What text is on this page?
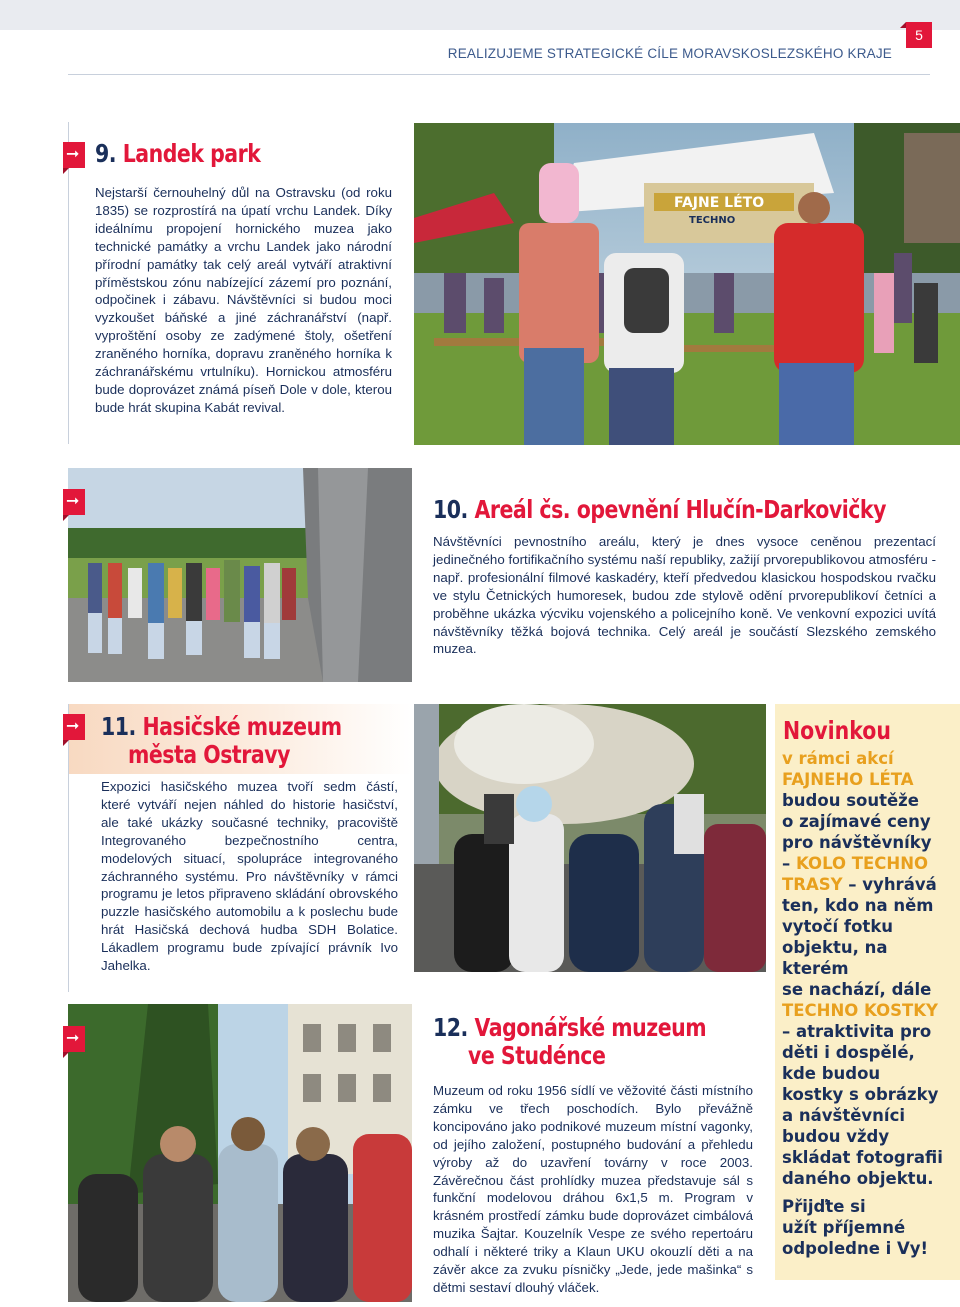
5
REALIZUJEME STRATEGICKÉ CÍLE MORAVSKOSLEZSKÉHO KRAJE
➞ 9. Landek park

Nejstarší černouhelný důl na Ostravsku (od roku 1835) se rozprostírá na úpatí vrchu Landek. Díky ideálnímu propojení hornického muzea jako technické památky a vrchu Landek jako národní přírodní památky tak celý areál vytváří atraktivní příměstskou zónu nabízející zázemí pro poznání, odpočinek i zábavu. Návštěvníci si budou moci vyzkoušet báňské a jiné záchranářství (např. vyproštění osoby ze zadýmené štoly, ošetření zraněného horníka, dopravu zraněného horníka k záchranářskému vrtulníku). Hornickou atmosféru bude doprovázet známá píseň Dole v dole, kterou bude hrát skupina Kabát revival.

FAJNE LÉTO
TECHNO
➞	10. Areál čs. opevnění Hlučín-Darkovičky

Návštěvníci pevnostního areálu, který je dnes vysoce ceněnou prezentací jedinečného fortifikačního systému naší republiky, zažijí prvorepublikovou atmosféru - např. profesionální filmové kaskadéry, kteří předvedou klasickou hospodskou rvačku ve stylu Četnických humoresek, budou zde stylově odění prvorepublikoví četníci a proběhne ukázka výcviku vojenského a policejního koně. Ve venkovní expozici uvítá návštěvníky těžká bojová technika. Celý areál je součástí Slezského zemského muzea.

➞ 11. Hasičské muzeum
města Ostravy

Expozici hasičského muzea tvoří sedm částí, které vytváří nejen náhled do historie hasičství, ale také ukázky současné techniky, pracoviště Integrovaného bezpečnostního centra, modelových situací, spolupráce integrovaného záchranného systému. Pro návštěvníky v rámci programu je letos připraveno skládání obrovského puzzle hasičského automobilu a k poslechu bude hrát Hasičská dechová hudba SDH Bolatice. Lákadlem programu bude zpívající právník Ivo Jahelka.

➞	12. Vagonářské muzeum
ve Studénce

Muzeum od roku 1956 sídlí ve věžovité části místního zámku ve třech poschodích. Bylo převážně koncipováno jako podnikové muzeum místní vagonky, od jejího založení, postupného budování a přehledu výroby až do uzavření továrny v roce 2003. Závěrečnou část prohlídky muzea představuje sál s funkční modelovou dráhou 6x1,5 m. Program v krásném prostředí zámku bude doprovázet cimbálová muzika Šajtar. Kouzelník Vespe ze svého repertoáru odhalí i některé triky a Klaun UKU okouzlí děti a na závěr akce za zvuku písničky „Jede, jede mašinka“ s dětmi sestaví dlouhý vláček.

Novinkou
v rámci akcí
FAJNEHO LÉTA
budou soutěže
o zajímavé ceny
pro návštěvníky
– KOLO TECHNO
TRASY – vyhrává
ten, kdo na něm
vytočí fotku
objektu, na kterém
se nachází, dále
TECHNO KOSTKY
– atraktivita pro
děti i dospělé,
kde budou
kostky s obrázky
a návštěvníci
budou vždy
skládat fotografii
daného objektu.
Přijďte si
užít příjemné
odpoledne i Vy!
